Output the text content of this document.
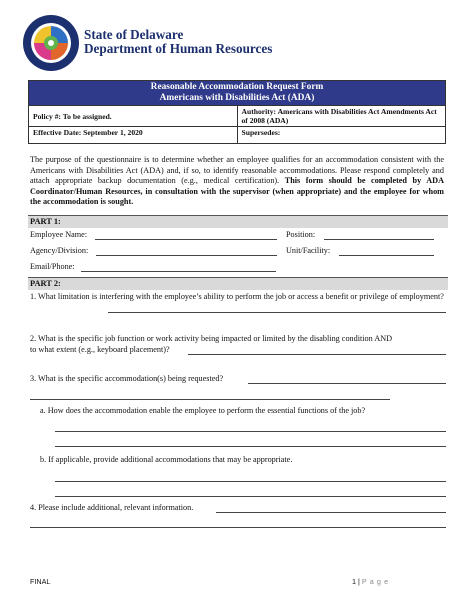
State of Delaware
Department of Human Resources
Reasonable Accommodation Request Form
Americans with Disabilities Act (ADA)	

Policy #: To be assigned.	Authority: Americans with Disabilities Act Amendments Act of 2008 (ADA)
Effective Date: September 1, 2020	Supersedes:
The purpose of the questionnaire is to determine whether an employee qualifies for an accommodation consistent with the Americans with Disabilities Act (ADA) and, if so, to identify reasonable accommodations. Please respond completely and attach appropriate backup documentation (e.g., medical certification). This form should be completed by ADA Coordinator/Human Resources, in consultation with the supervisor (when appropriate) and the employee for whom the accommodation is sought.
PART 1:
Employee Name:	Position:
Agency/Division:	Unit/Facility:
Email/Phone:
PART 2:
1. What limitation is interfering with the employee’s ability to perform the job or access a benefit or privilege of employment?
2. What is the specific job function or work activity being impacted or limited by the disabling condition AND
to what extent (e.g., keyboard placement)?
3. What is the specific accommodation(s) being requested?
a. How does the accommodation enable the employee to perform the essential functions of the job?
b. If applicable, provide additional accommodations that may be appropriate.
4. Please include additional, relevant information.
FINAL	1 | P a g e
